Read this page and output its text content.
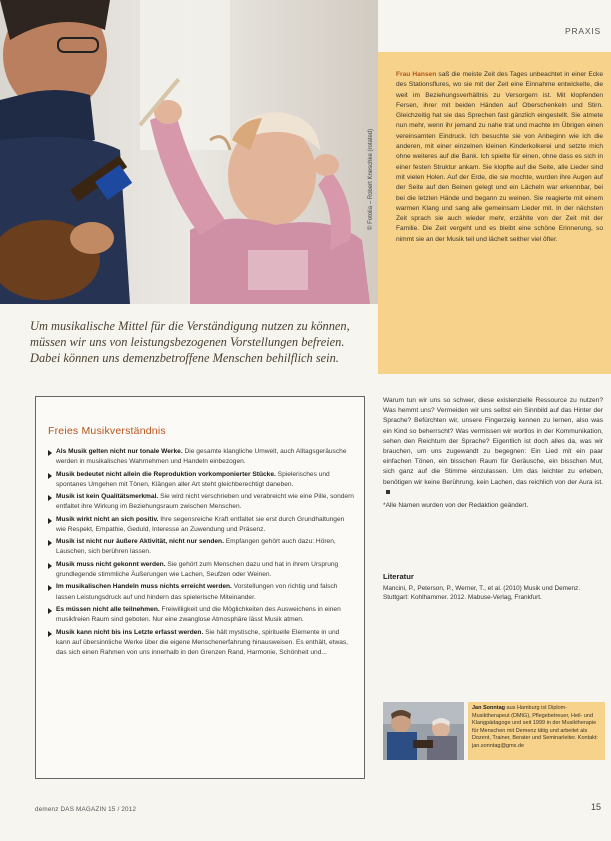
PRAXIS
© Fotolia – Robert Kneschke (rotated)

Frau Hansen saß die meiste Zeit des Tages unbeachtet in einer Ecke des Stationsflures, wo sie mit der Zeit eine Einnahme entwickelte, die weit im Beziehungsverhältnis zu Versorgern ist. Mit klopfenden Fersen, ihrer mit beiden Händen auf Oberschenkeln und Stirn. Gleichzeitig hat sie das Sprechen fast gänzlich eingestellt. Sie atmete nun mehr, wenn ihr jemand zu nahe trat und machte im Übrigen einen vereinsamten Eindruck. Ich besuchte sie von Anbeginn wie ich die anderen, mit einer einzelnen kleinen Kinderkolkerei und setzte mich ohne weiteres auf die Bank. Ich spielte für einen, ohne dass es sich in einer festen Struktur ankam. Sie klopfte auf die Seite, alle Lieder sind mit vielen Holen. Auf der Erde, die sie mochte, wurden ihre Augen auf der Seite auf den Beinen gelegt und ein Lächeln war erkennbar, bei bei die letzten Hände und begann zu weinen. Sie reagierte mit einem warmen Klang und sang alle gemeinsam Lieder mit. In der nächsten Zeit sprach sie auch wieder mehr, erzählte von der Zeit mit der Familie. Die Zeit vergeht und es bleibt eine schöne Erinnerung, so nimmt sie an der Musik teil und lächelt seither viel öfter.

Um musikalische Mittel für die Verständigung nutzen zu können, müssen wir uns von leistungsbezogenen Vorstellungen befreien. Dabei können uns demenzbetroffene Menschen behilflich sein.

Freies Musikverständnis
Als Musik gelten nicht nur tonale Werke. Die gesamte klangliche Umwelt, auch Alltagsgeräusche werden in musikalisches Wahrnehmen und Handeln einbezogen.
Musik bedeutet nicht allein die Reproduktion vorkomponierter Stücke. Spielerisches und spontanes Umgehen mit Tönen, Klängen aller Art steht gleichberechtigt daneben.
Musik ist kein Qualitätsmerkmal. Sie wird nicht verschrieben und verabreicht wie eine Pille, sondern entfaltet ihre Wirkung im Beziehungsraum zwischen Menschen.
Musik wirkt nicht an sich positiv. Ihre segensreiche Kraft entfaltet sie erst durch Grundhaltungen wie Respekt, Empathie, Geduld, Interesse an Zuwendung und Präsenz.
Musik ist nicht nur äußere Aktivität, nicht nur senden. Empfangen gehört auch dazu: Hören, Lauschen, sich berühren lassen.
Musik muss nicht gekonnt werden. Sie gehört zum Menschen dazu und hat in ihrem Ursprung grundlegende stimmliche Äußerungen wie Lachen, Seufzen oder Weinen.
Im musikalischen Handeln muss nichts erreicht werden. Vorstellungen von richtig und falsch lassen Leistungsdruck auf und hindern das spielerische Miteinander.
Es müssen nicht alle teilnehmen. Freiwilligkeit und die Möglichkeiten des Ausweichens in einen musikfreien Raum sind geboten. Nur eine zwanglose Atmosphäre lässt Musik atmen.
Musik kann nicht bis ins Letzte erfasst werden. Sie hält mystische, spirituelle Elemente in und kann auf übersinnliche Werke über die eigene Menschenerfahrung hinausweisen. Es enthält, etwas, das sich einen Rahmen von uns innerhalb in den Grenzen Rand, Harmonie, Schönheit und...

Warum tun wir uns so schwer, diese existenzielle Ressource zu nutzen? Was hemmt uns? Vermeiden wir uns selbst ein Sinnbild auf das Hinter der Sprache? Befürchten wir, unsere Fingerzeig kennen zu lernen, also was ein Kind so beherrscht? Was vermissen wir wortlos in der Kommunikation, sehen den Reichtum der Sprache? Eigentlich ist doch alles da, was wir brauchen, um uns zugewandt zu begegnen: Ein Lied mit ein paar einfachen Tönen, ein bisschen Raum für Geräusche, ein bisschen Mut, sich ganz auf die Stimme einzulassen. Um das leichter zu erleben, benötigen wir keine Berührung, kein Lachen, das reichlich von der Aura ist.

*Alle Namen wurden von der Redaktion geändert.

Literatur

Mancini, P., Peterson, P., Werner, T., et al. (2010) Musik und Demenz. Stuttgart: Kohlhammer. 2012. Mabuse-Verlag, Frankfurt.

Jan Sonntag aus Hamburg ist Diplom-Musiktherapeut (DMtG), Pflegebetreuer, Heil- und Klangpädagoge und seit 1999 in der Musiktherapie für Menschen mit Demenz tätig und arbeitet als Dozent, Trainer, Berater und Seminarleiter. Kontakt: jan.sonntag@gmx.de
demenz DAS MAGAZIN 15 / 2012	15
